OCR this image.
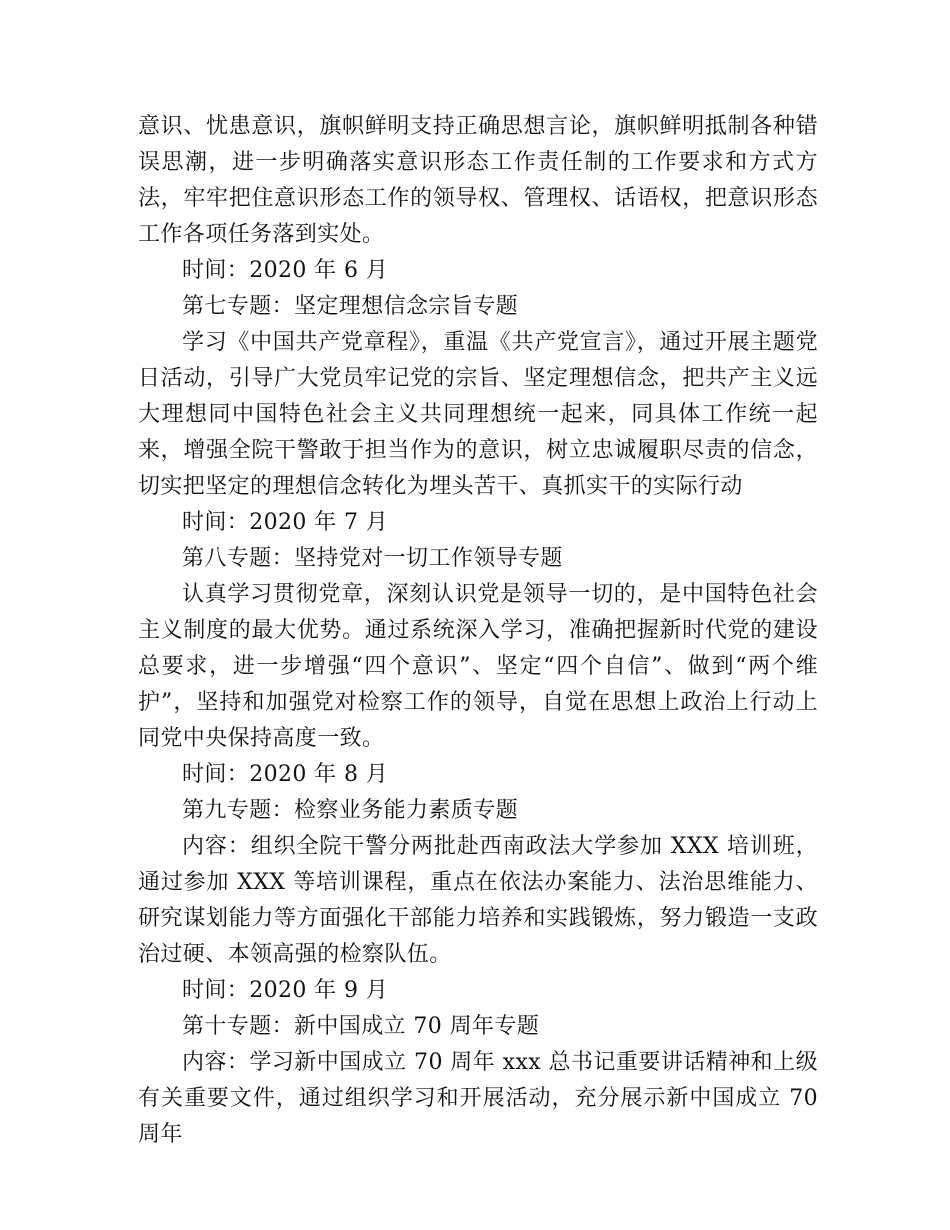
意识、忧患意识，旗帜鲜明支持正确思想言论，旗帜鲜明抵制各种错误思潮，进一步明确落实意识形态工作责任制的工作要求和方式方法，牢牢把住意识形态工作的领导权、管理权、话语权，把意识形态工作各项任务落到实处。

时间：2020 年 6 月

第七专题：坚定理想信念宗旨专题

学习《中国共产党章程》，重温《共产党宣言》，通过开展主题党日活动，引导广大党员牢记党的宗旨、坚定理想信念，把共产主义远大理想同中国特色社会主义共同理想统一起来，同具体工作统一起来，增强全院干警敢于担当作为的意识，树立忠诚履职尽责的信念，切实把坚定的理想信念转化为埋头苦干、真抓实干的实际行动

时间：2020 年 7 月

第八专题：坚持党对一切工作领导专题

认真学习贯彻党章，深刻认识党是领导一切的，是中国特色社会主义制度的最大优势。通过系统深入学习，准确把握新时代党的建设总要求，进一步增强“四个意识”、坚定“四个自信”、做到“两个维护”，坚持和加强党对检察工作的领导，自觉在思想上政治上行动上同党中央保持高度一致。

时间：2020 年 8 月

第九专题：检察业务能力素质专题

内容：组织全院干警分两批赴西南政法大学参加 XXX 培训班，通过参加 XXX 等培训课程，重点在依法办案能力、法治思维能力、研究谋划能力等方面强化干部能力培养和实践锻炼，努力锻造一支政治过硬、本领高强的检察队伍。

时间：2020 年 9 月

第十专题：新中国成立 70 周年专题

内容：学习新中国成立 70 周年 xxx 总书记重要讲话精神和上级有关重要文件，通过组织学习和开展活动，充分展示新中国成立 70 周年
